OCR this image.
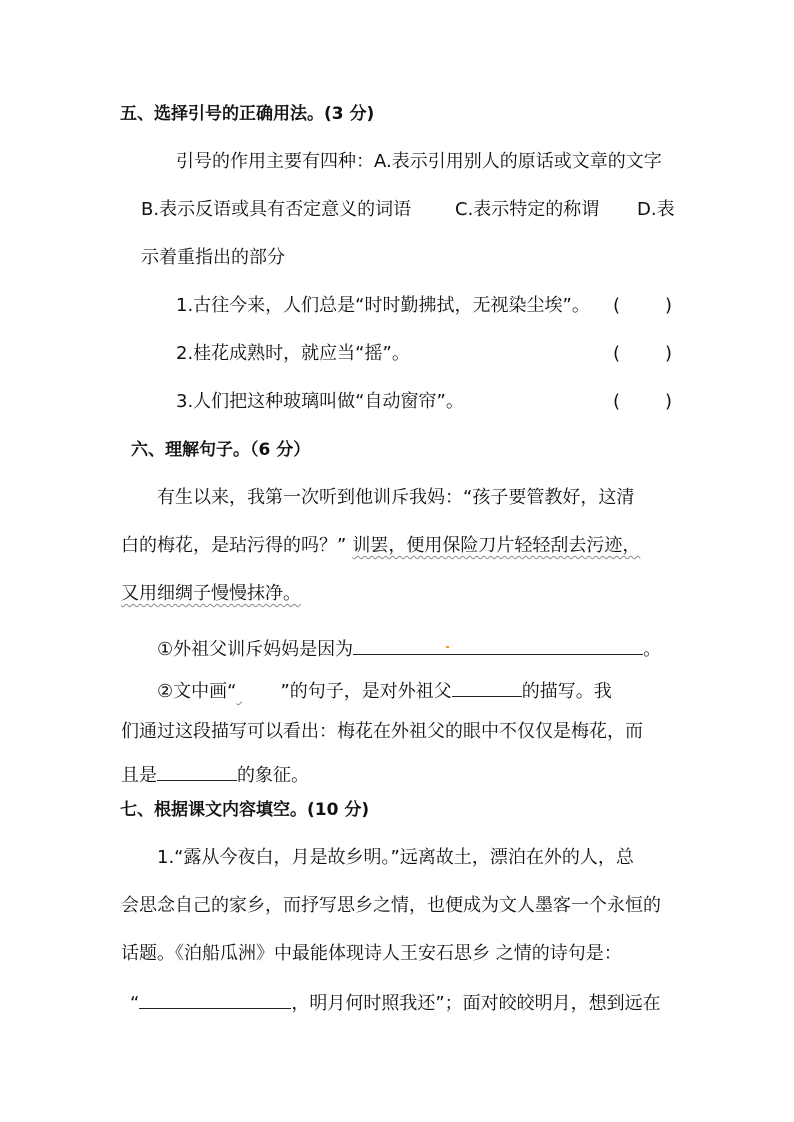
五、选择引号的正确用法。(3 分)
引号的作用主要有四种：A.表示引用别人的原话或文章的文字
B.表示反语或具有否定意义的词语 C.表示特定的称谓 D.表
示着重指出的部分
1.古往今来，人们总是“时时勤拂拭，无视染尘埃”。 ( )
2.桂花成熟时，就应当“摇”。	( )
3.人们把这种玻璃叫做“自动窗帘”。	( )
六、理解句子。（6 分）
有生以来，我第一次听到他训斥我妈：“孩子要管教好，这清
白的梅花，是玷污得的吗？” 训罢，便用保险刀片轻轻刮去污迹，
又用细绸子慢慢抹净。
①外祖父训斥妈妈是因为	。
②文中画“ ”的句子，是对外祖父	的描写。我
们通过这段描写可以看出：梅花在外祖父的眼中不仅仅是梅花，而
且是	的象征。
七、根据课文内容填空。(10 分)
1.“露从今夜白，月是故乡明。”远离故土，漂泊在外的人，总
会思念自己的家乡，而抒写思乡之情，也便成为文人墨客一个永恒的
话题。《泊船瓜洲》中最能体现诗人王安石思乡 之情的诗句是：
“	，明月何时照我还”；面对皎皎明月，想到远在
